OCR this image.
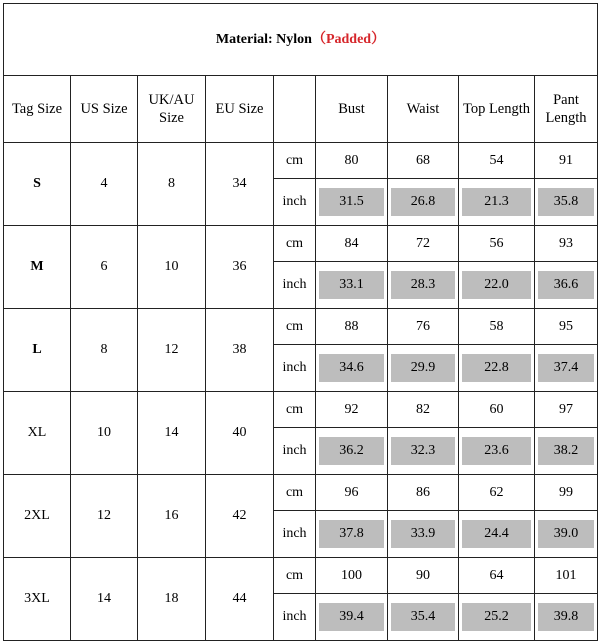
Material: Nylon（Padded）								
Tag Size	US Size	UK/AU Size	EU Size		Bust	Waist	Top Length	Pant Length
S	4	8	34	cm	80	68	54	91
				inch	31.5	26.8	21.3	35.8

M	6	10	36	cm	84	72	56	93
				inch	33.1	28.3	22.0	36.6

L	8	12	38	cm	88	76	58	95
				inch	34.6	29.9	22.8	37.4

XL	10	14	40	cm	92	82	60	97
				inch	36.2	32.3	23.6	38.2

2XL	12	16	42	cm	96	86	62	99
				inch	37.8	33.9	24.4	39.0

3XL	14	18	44	cm	100	90	64	101
				inch	39.4	35.4	25.2	39.8
